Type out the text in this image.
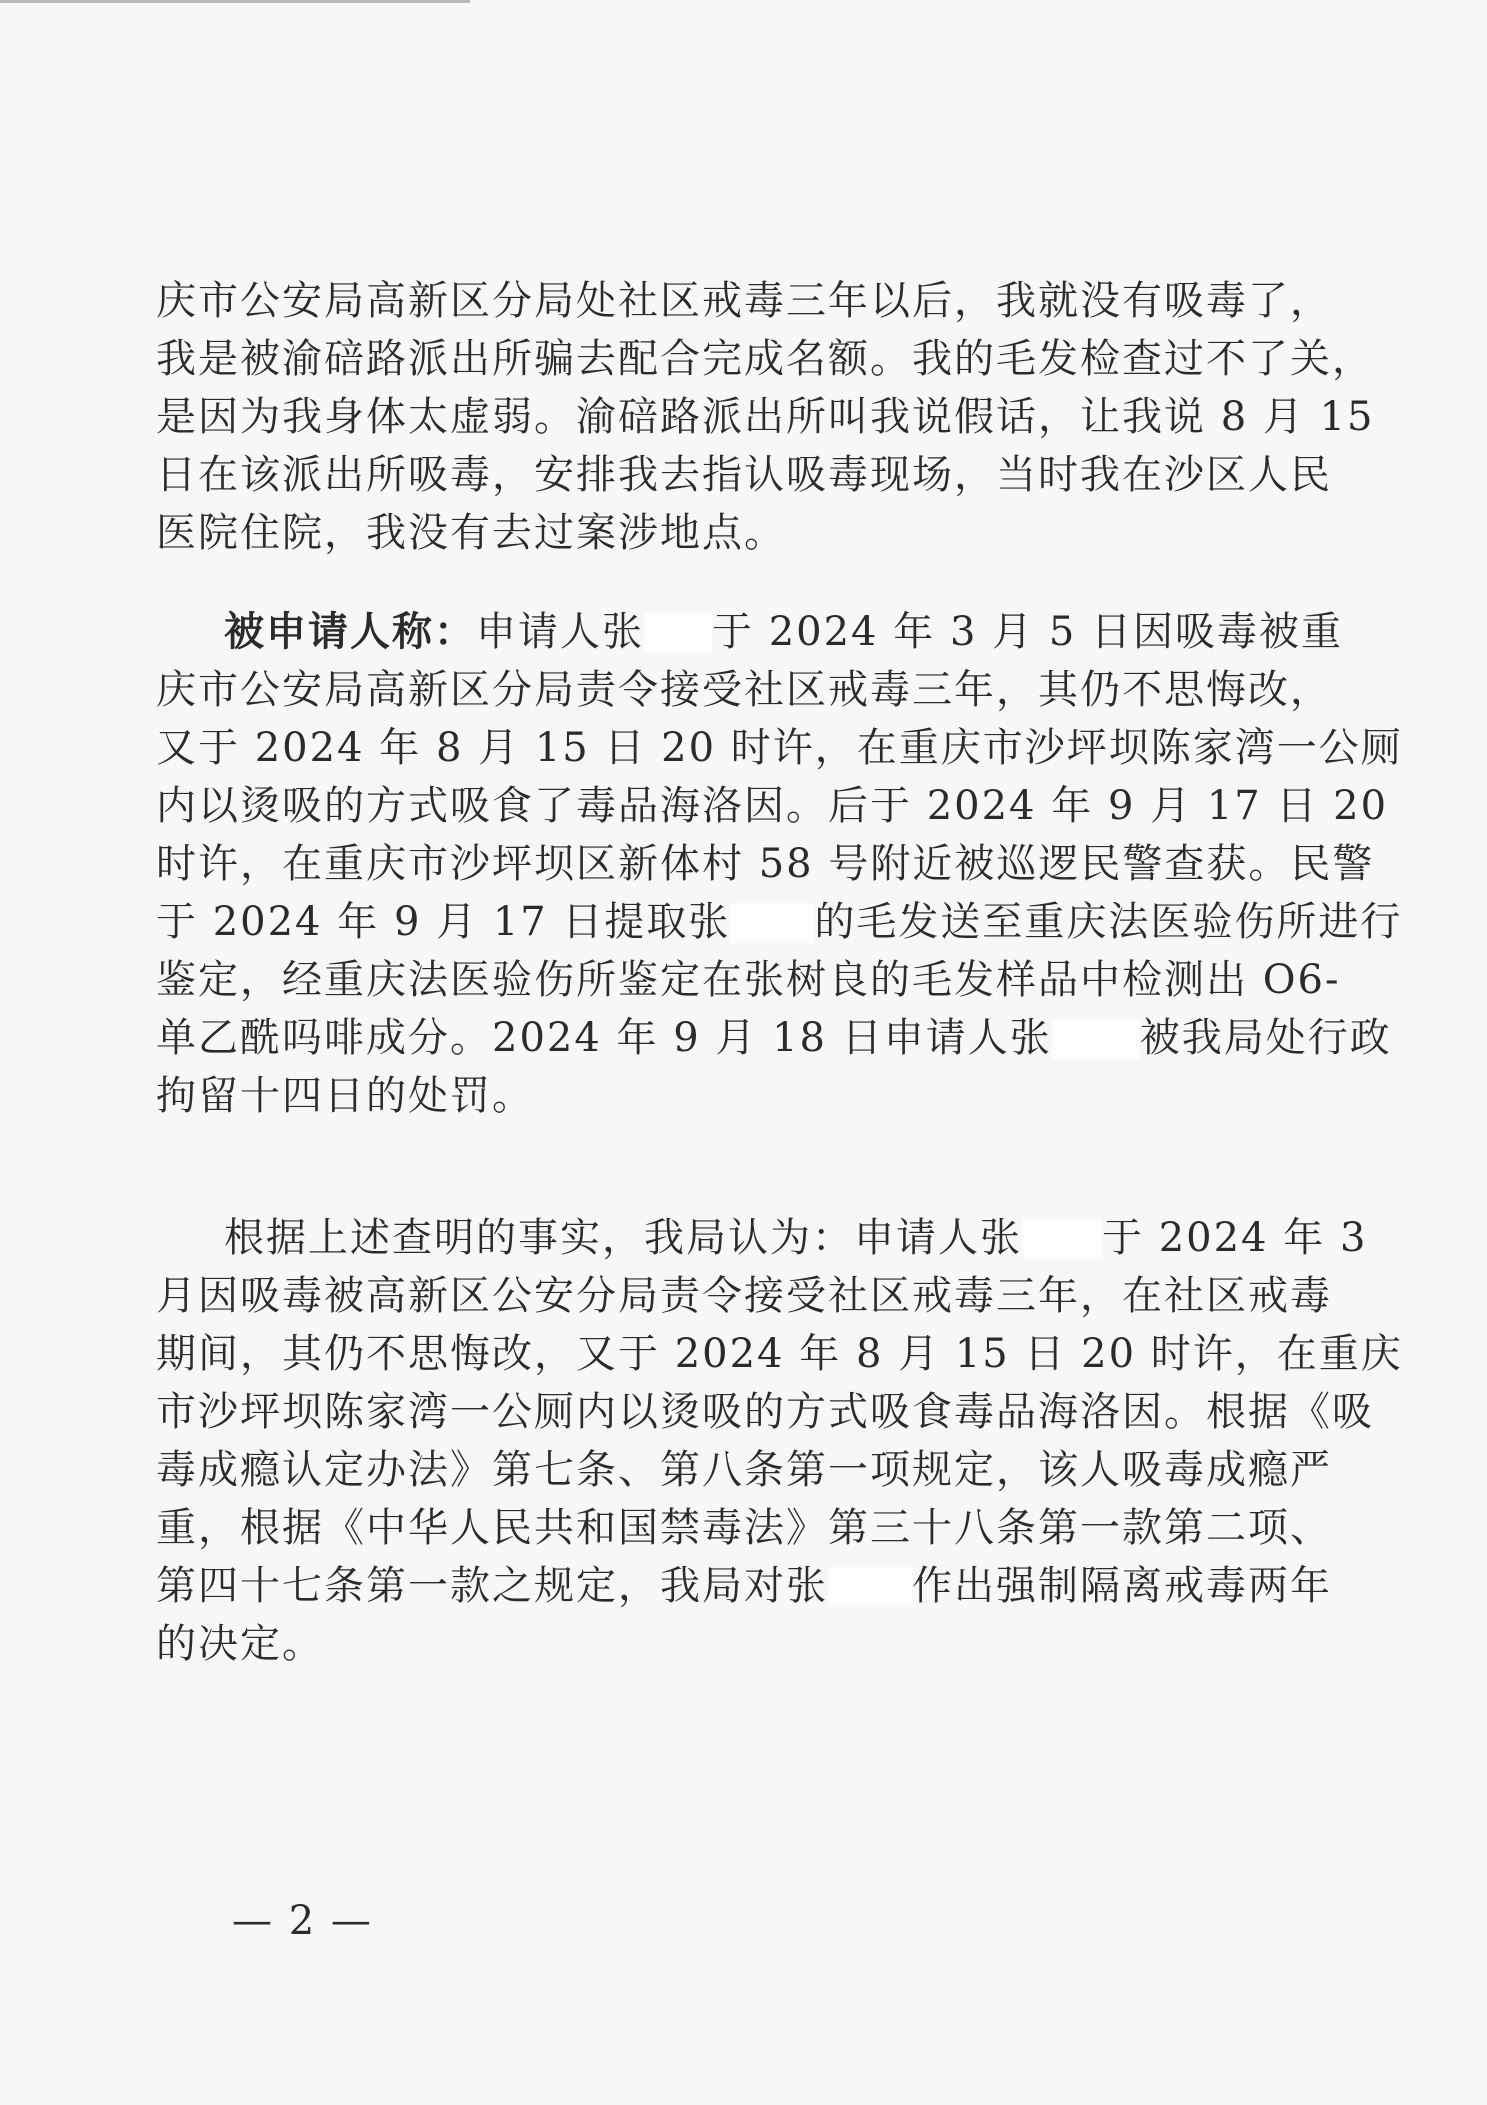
庆市公安局高新区分局处社区戒毒三年以后，我就没有吸毒了，
我是被渝碚路派出所骗去配合完成名额。我的毛发检查过不了关，
是因为我身体太虚弱。渝碚路派出所叫我说假话，让我说 8 月 15
日在该派出所吸毒，安排我去指认吸毒现场，当时我在沙区人民
医院住院，我没有去过案涉地点。
被申请人称：申请人张 于 2024 年 3 月 5 日因吸毒被重
庆市公安局高新区分局责令接受社区戒毒三年，其仍不思悔改，
又于 2024 年 8 月 15 日 20 时许，在重庆市沙坪坝陈家湾一公厕
内以烫吸的方式吸食了毒品海洛因。后于 2024 年 9 月 17 日 20
时许，在重庆市沙坪坝区新体村 58 号附近被巡逻民警查获。民警
于 2024 年 9 月 17 日提取张 的毛发送至重庆法医验伤所进行
鉴定，经重庆法医验伤所鉴定在张树良的毛发样品中检测出 O6-
单乙酰吗啡成分。2024 年 9 月 18 日申请人张 被我局处行政
拘留十四日的处罚。
根据上述查明的事实，我局认为：申请人张 于 2024 年 3
月因吸毒被高新区公安分局责令接受社区戒毒三年，在社区戒毒
期间，其仍不思悔改，又于 2024 年 8 月 15 日 20 时许，在重庆
市沙坪坝陈家湾一公厕内以烫吸的方式吸食毒品海洛因。根据《吸
毒成瘾认定办法》第七条、第八条第一项规定，该人吸毒成瘾严
重，根据《中华人民共和国禁毒法》第三十八条第一款第二项、
第四十七条第一款之规定，我局对张 作出强制隔离戒毒两年
的决定。
— 2 —
